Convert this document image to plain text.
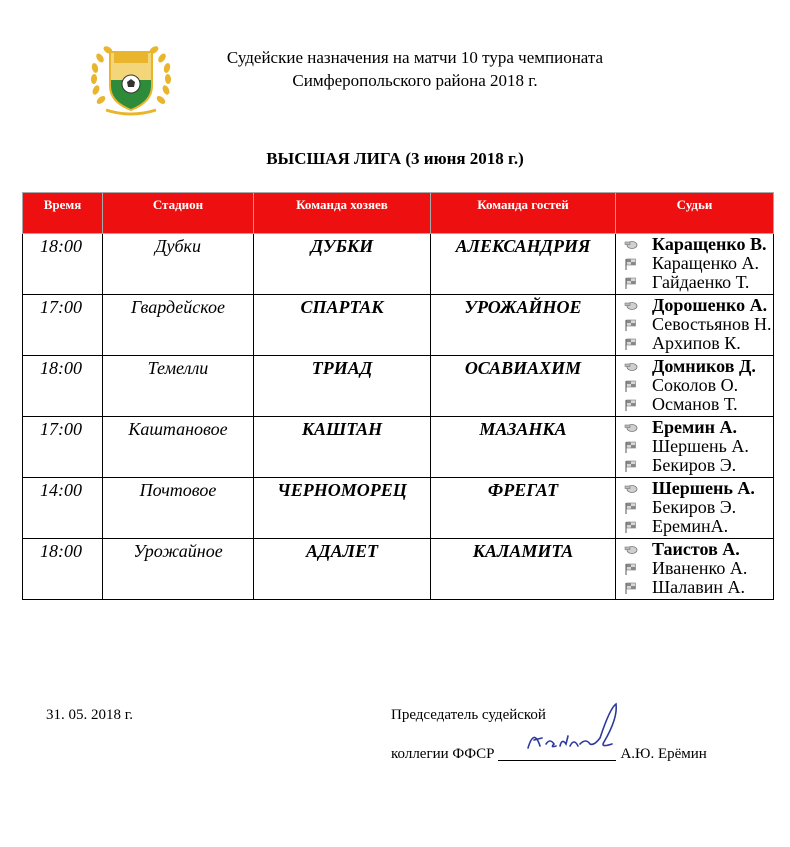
Судейские назначения на матчи 10 тура чемпионата
Симферопольского района 2018 г.
ВЫСШАЯ ЛИГА (3 июня 2018 г.)
Время	Стадион	Команда хозяев	Команда гостей	Судьи
18:00	Дубки	ДУБКИ	АЛЕКСАНДРИЯ	Каращенко В.
Каращенко А.
Гайдаенко Т.

17:00	Гвардейское	СПАРТАК	УРОЖАЙНОЕ	Дорошенко А.
Севостьянов Н.
Архипов К.

18:00	Темелли	ТРИАД	ОСАВИАХИМ	Домников Д.
Соколов О.
Османов Т.

17:00	Каштановое	КАШТАН	МАЗАНКА	Еремин А.
Шершень А.
Бекиров Э.

14:00	Почтовое	ЧЕРНОМОРЕЦ	ФРЕГАТ	Шершень А.
Бекиров Э.
ЕреминА.

18:00	Урожайное	АДАЛЕТ	КАЛАМИТА	Таистов А.
Иваненко А.
Шалавин А.
31. 05. 2018 г.	Председатель судейской
коллегии ФФСР	А.Ю. Ерёмин
